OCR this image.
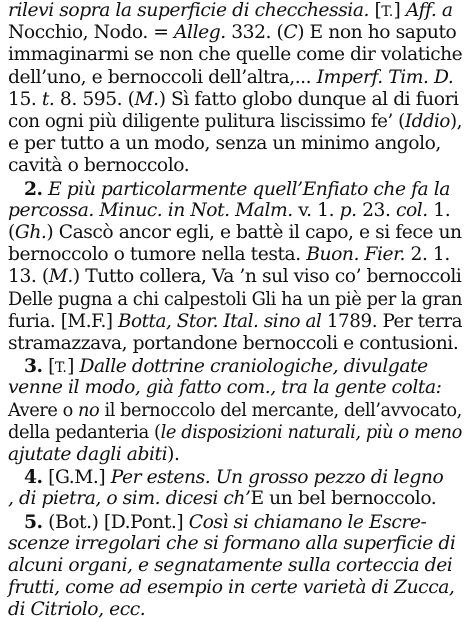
rilevi sopra la superficie di checchessia. [T.] Aff. a
Nocchio, Nodo. = Alleg. 332. (C) E non ho saputo
immaginarmi se non che quelle come dir volatiche
dell’uno, e bernoccoli dell’altra,... Imperf. Tim. D.
15. t. 8. 595. (M.) Sì fatto globo dunque al di fuori
con ogni più diligente pulitura liscissimo fe’ (Iddio),
e per tutto a un modo, senza un minimo angolo,
cavità o bernoccolo.
2. E più particolarmente quell’Enfiato che fa la
percossa. Minuc. in Not. Malm. v. 1. p. 23. col. 1.
(Gh.) Cascò ancor egli, e battè il capo, e si fece un
bernoccolo o tumore nella testa. Buon. Fier. 2. 1.
13. (M.) Tutto collera, Va ’n sul viso co’ bernoccoli
Delle pugna a chi calpestoli Gli ha un piè per la gran
furia. [M.F.] Botta, Stor. Ital. sino al 1789. Per terra
stramazzava, portandone bernoccoli e contusioni.
3. [T.] Dalle dottrine craniologiche, divulgate
venne il modo, già fatto com., tra la gente colta:
Avere o no il bernoccolo del mercante, dell’avvocato,
della pedanteria (le disposizioni naturali, più o meno
ajutate dagli abiti).
4. [G.M.] Per estens. Un grosso pezzo di legno
, di pietra, o sim. dicesi ch’E un bel bernoccolo.
5. (Bot.) [D.Pont.] Così si chiamano le Escre-
scenze irregolari che si formano alla superficie di
alcuni organi, e segnatamente sulla corteccia dei
frutti, come ad esempio in certe varietà di Zucca,
di Citriolo, ecc.
